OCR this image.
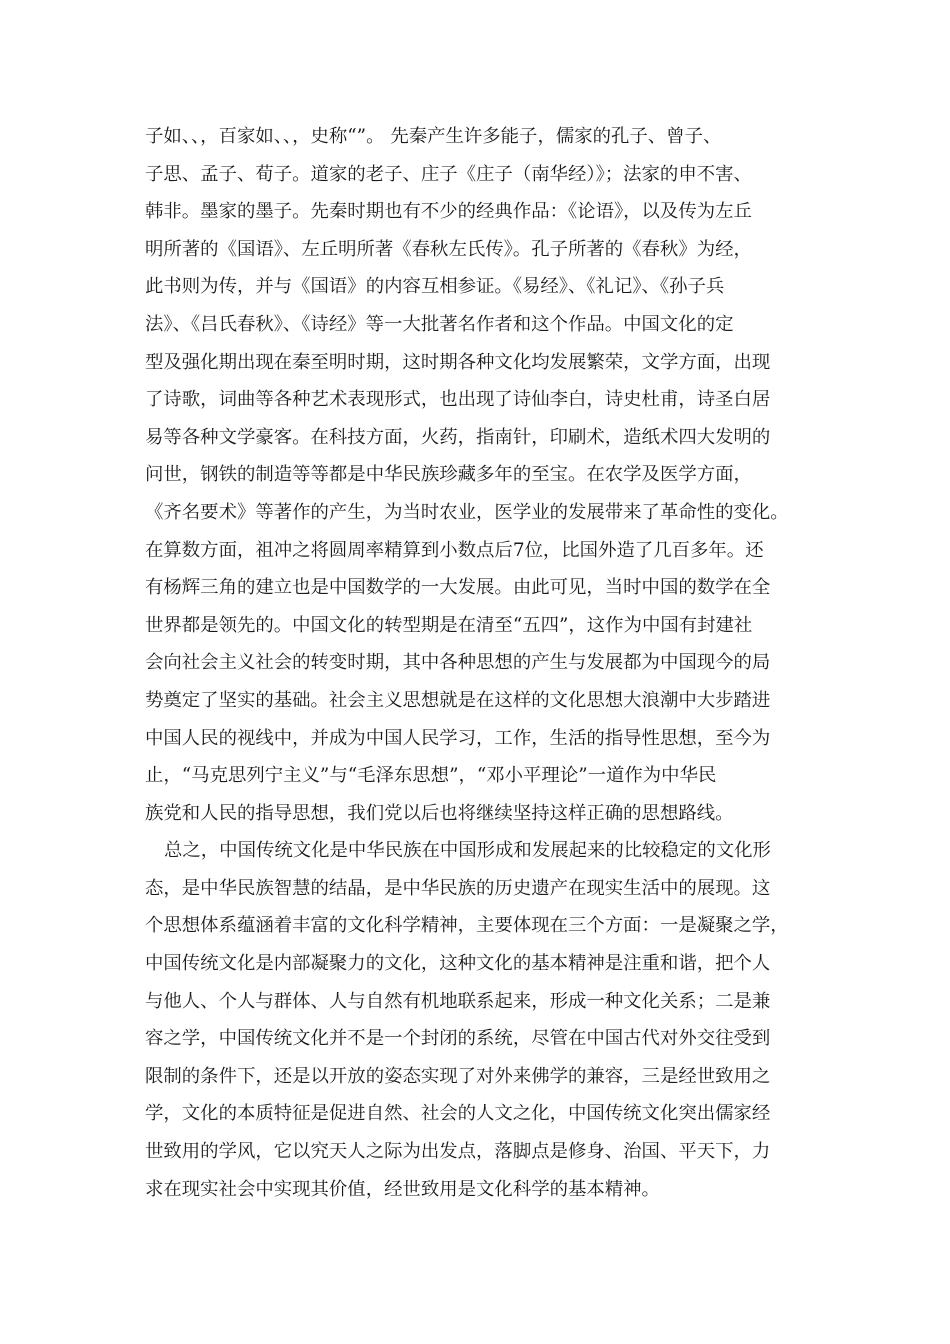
子如、、，百家如、、，史称“”。 先秦产生许多能子，儒家的孔子、曾子、
子思、孟子、荀子。道家的老子、庄子《庄子（南华经）》；法家的申不害、
韩非。墨家的墨子。先秦时期也有不少的经典作品：《论语》，以及传为左丘
明所著的《国语》、左丘明所著《春秋左氏传》。孔子所著的《春秋》为经，
此书则为传，并与《国语》的内容互相参证。《易经》、《礼记》、《孙子兵
法》、《吕氏春秋》、《诗经》等一大批著名作者和这个作品。中国文化的定
型及强化期出现在秦至明时期，这时期各种文化均发展繁荣，文学方面，出现
了诗歌，词曲等各种艺术表现形式，也出现了诗仙李白，诗史杜甫，诗圣白居
易等各种文学豪客。在科技方面，火药，指南针，印刷术，造纸术四大发明的
问世，钢铁的制造等等都是中华民族珍藏多年的至宝。在农学及医学方面，
《齐名要术》等著作的产生，为当时农业，医学业的发展带来了革命性的变化。
在算数方面，祖冲之将圆周率精算到小数点后7位，比国外造了几百多年。还
有杨辉三角的建立也是中国数学的一大发展。由此可见，当时中国的数学在全
世界都是领先的。中国文化的转型期是在清至“五四”，这作为中国有封建社
会向社会主义社会的转变时期，其中各种思想的产生与发展都为中国现今的局
势奠定了坚实的基础。社会主义思想就是在这样的文化思想大浪潮中大步踏进
中国人民的视线中，并成为中国人民学习，工作，生活的指导性思想，至今为
止，“马克思列宁主义”与“毛泽东思想”，“邓小平理论”一道作为中华民
族党和人民的指导思想，我们党以后也将继续坚持这样正确的思想路线。
总之，中国传统文化是中华民族在中国形成和发展起来的比较稳定的文化形
态，是中华民族智慧的结晶，是中华民族的历史遗产在现实生活中的展现。这
个思想体系蕴涵着丰富的文化科学精神，主要体现在三个方面：一是凝聚之学，
中国传统文化是内部凝聚力的文化，这种文化的基本精神是注重和谐，把个人
与他人、个人与群体、人与自然有机地联系起来，形成一种文化关系；二是兼
容之学，中国传统文化并不是一个封闭的系统，尽管在中国古代对外交往受到
限制的条件下，还是以开放的姿态实现了对外来佛学的兼容，三是经世致用之
学，文化的本质特征是促进自然、社会的人文之化，中国传统文化突出儒家经
世致用的学风，它以究天人之际为出发点，落脚点是修身、治国、平天下，力
求在现实社会中实现其价值，经世致用是文化科学的基本精神。
